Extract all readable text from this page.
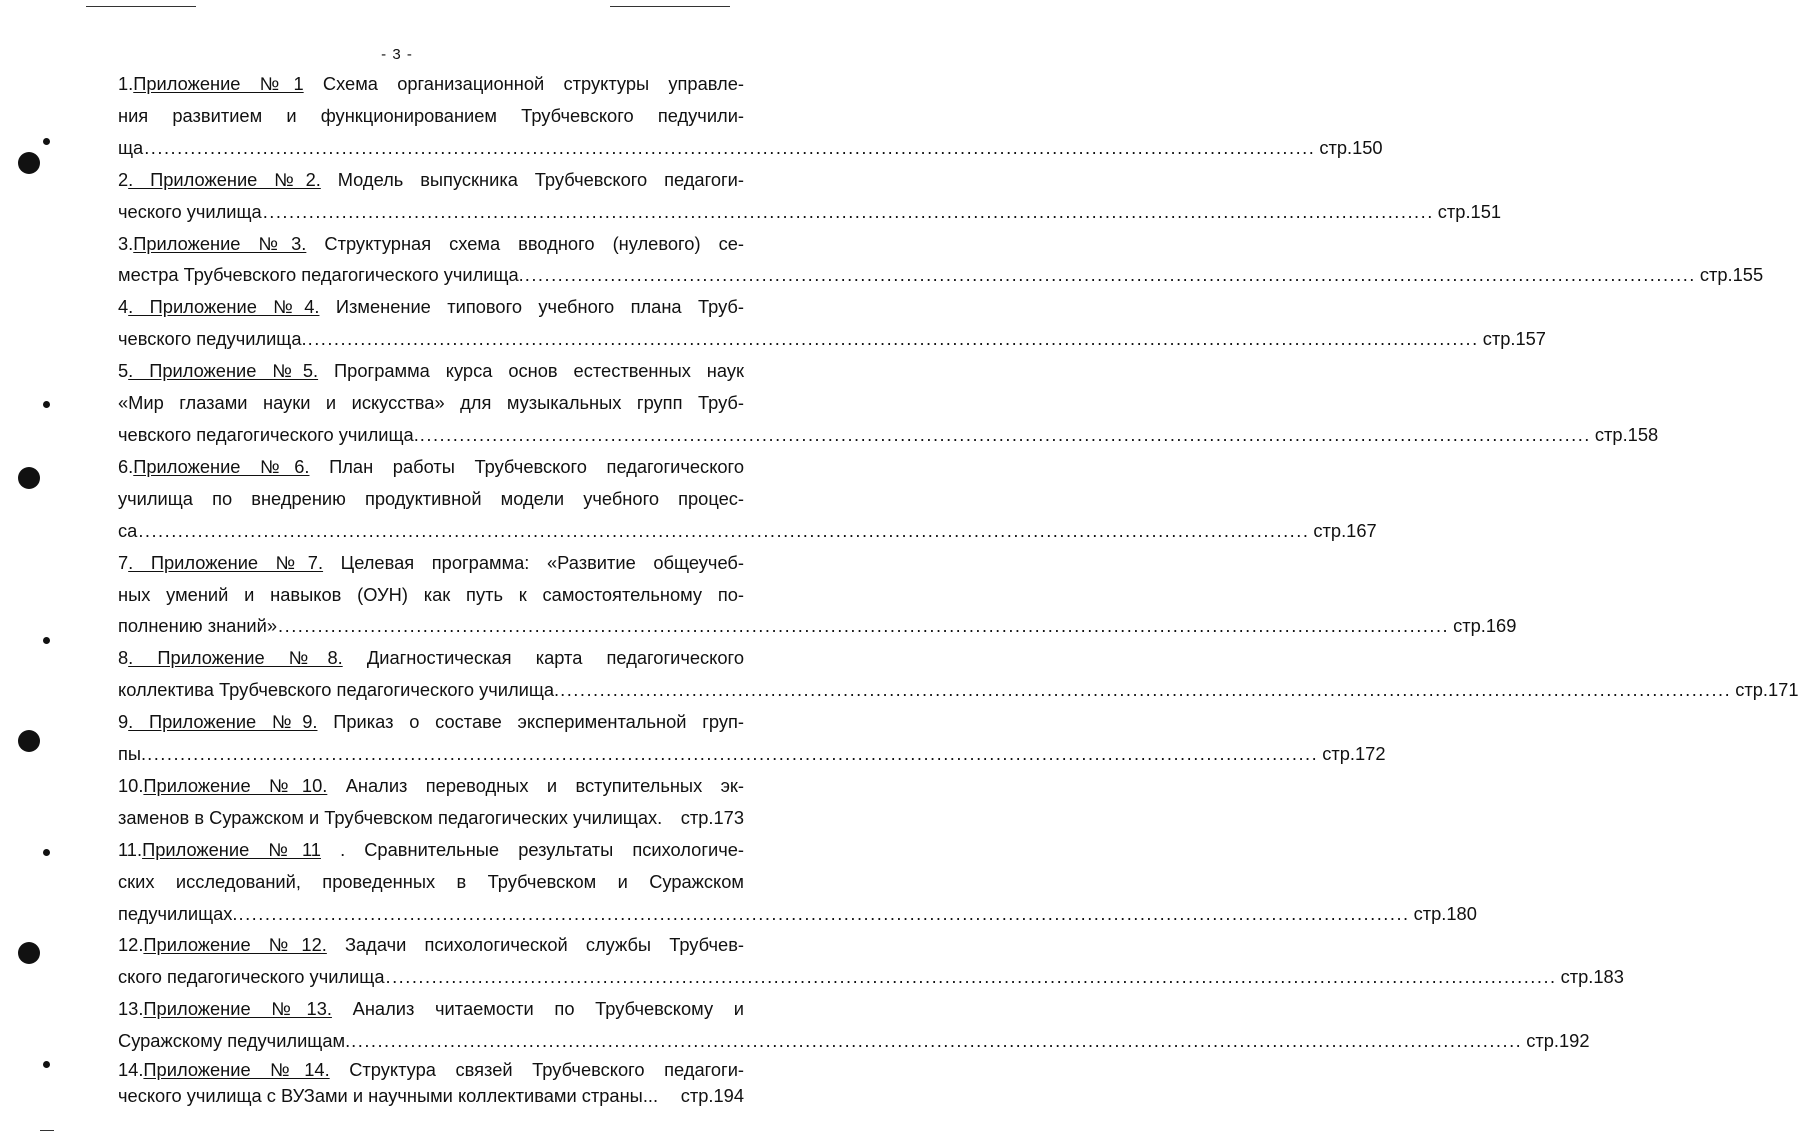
- 3 -
1.Приложение №1 Схема организационной структуры управле-
ния развитием и функционированием Трубчевского педучили-
ща .................................................................................................................................................................................. стр.150
2. Приложение №2. Модель выпускника Трубчевского педагоги-
ческого училища .................................................................................................................................................................................. стр.151
3.Приложение №3. Структурная схема вводного (нулевого) се-
местра Трубчевского педагогического училища. .................................................................................................................................................................................. стр.155
4. Приложение №4. Изменение типового учебного плана Труб-
чевского педучилища. .................................................................................................................................................................................. стр.157
5. Приложение №5. Программа курса основ естественных наук
«Мир глазами науки и искусства» для музыкальных групп Труб-
чевского педагогического училища. .................................................................................................................................................................................. стр.158
6.Приложение №6. План работы Трубчевского педагогического
училища по внедрению продуктивной модели учебного процес-
са .................................................................................................................................................................................. стр.167
7. Приложение №7. Целевая программа: «Развитие общеучеб-
ных умений и навыков (ОУН) как путь к самостоятельному по-
полнению знаний» .................................................................................................................................................................................. стр.169
8. Приложение №8. Диагностическая карта педагогического
коллектива Трубчевского педагогического училища. .................................................................................................................................................................................. стр.171
9. Приложение №9. Приказ о составе экспериментальной груп-
пы. .................................................................................................................................................................................. стр.172
10.Приложение №10. Анализ переводных и вступительных эк-
заменов в Суражском и Трубчевском педагогических училищах. стр.173
11.Приложение №11 . Сравнительные результаты психологиче-
ских исследований, проведенных в Трубчевском и Суражском
педучилищах. .................................................................................................................................................................................. стр.180
12.Приложение №12. Задачи психологической службы Трубчев-
ского педагогического училища .................................................................................................................................................................................. стр.183
13.Приложение №13. Анализ читаемости по Трубчевскому и
Суражскому педучилищам. .................................................................................................................................................................................. стр.192
14.Приложение №14. Структура связей Трубчевского педагоги-
ческого училища с ВУЗами и научными коллективами страны... стр.194
